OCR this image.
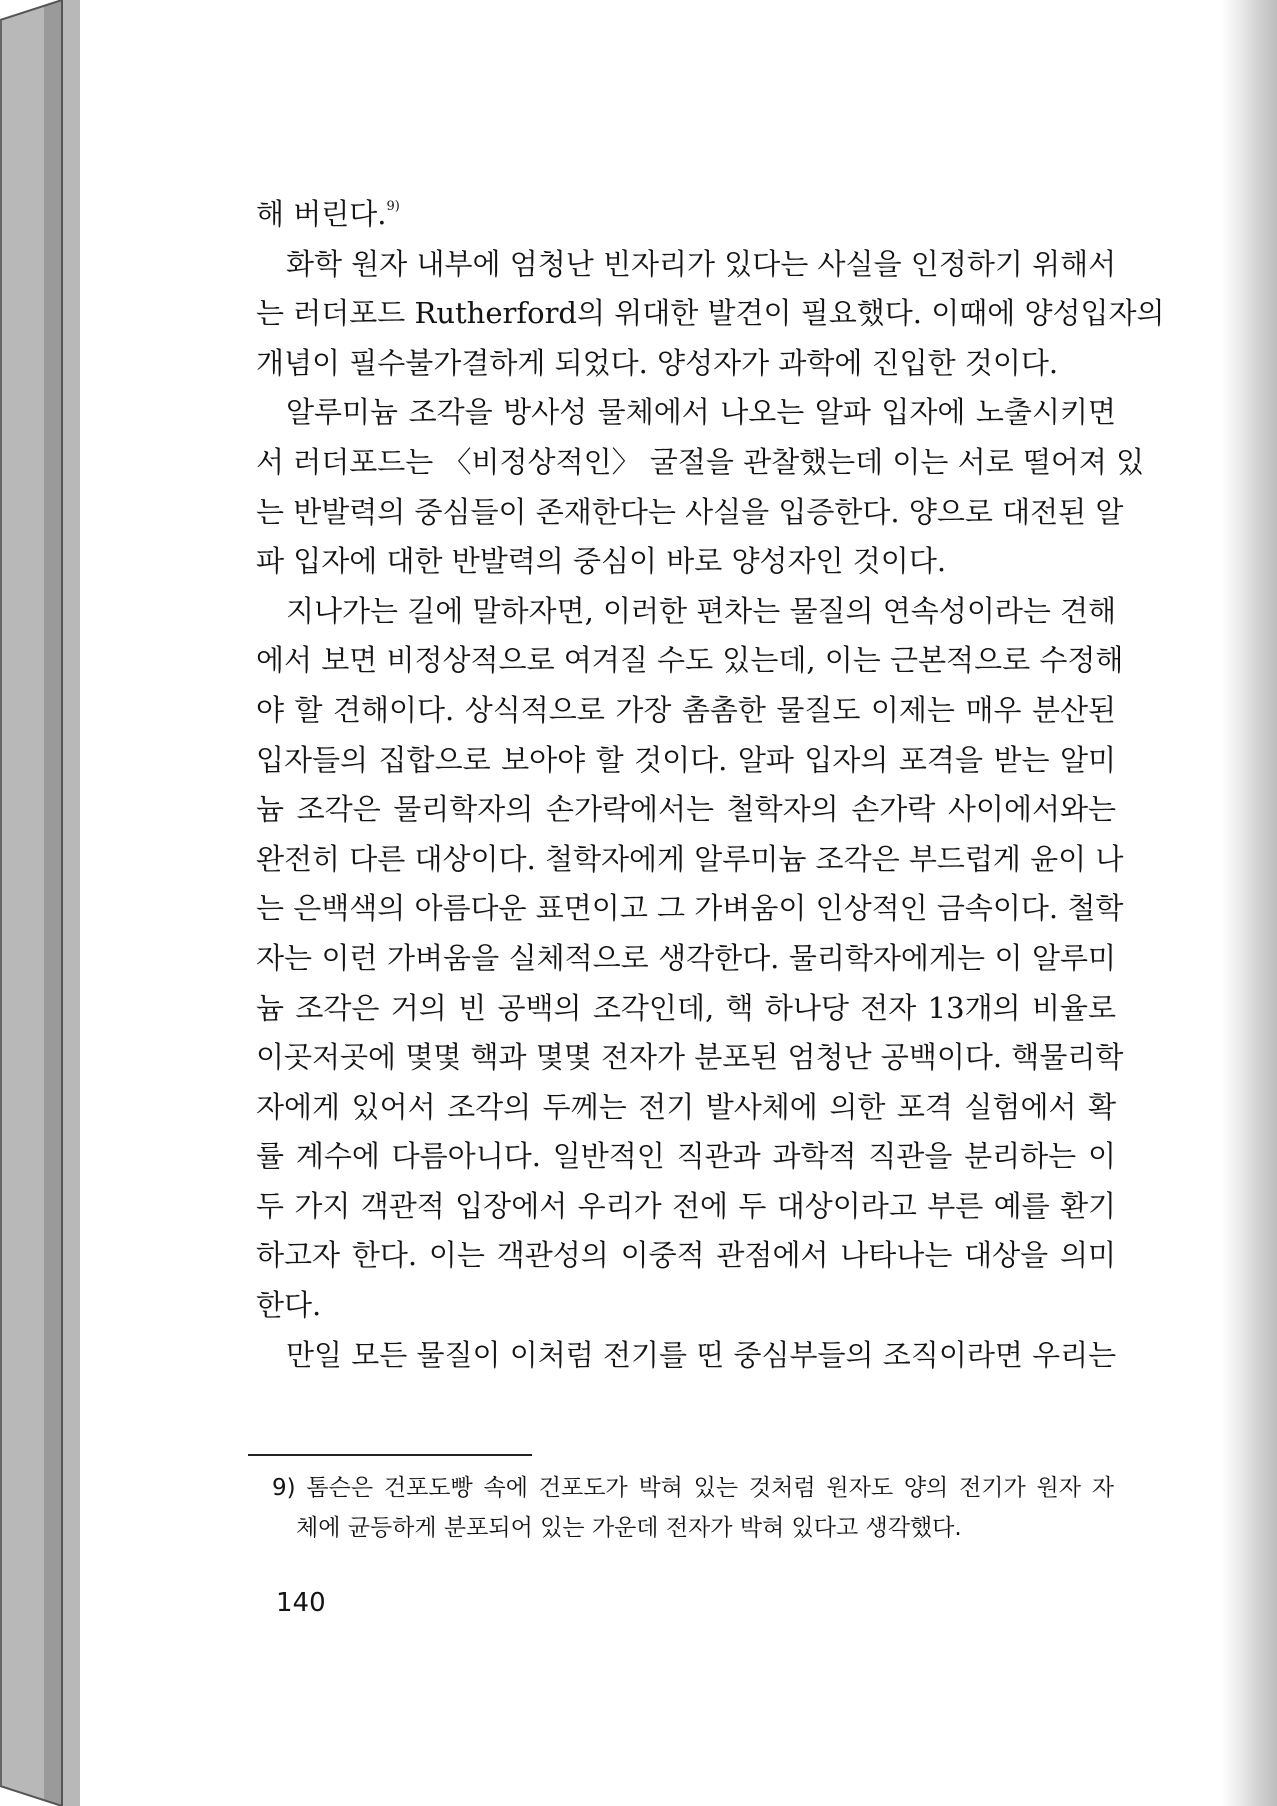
해 버린다.$^{9)}$
화학 원자 내부에 엄청난 빈자리가 있다는 사실을 인정하기 위해서
는 러더포드 Rutherford의 위대한 발견이 필요했다. 이때에 양성입자의
개념이 필수불가결하게 되었다. 양성자가 과학에 진입한 것이다.
알루미늄 조각을 방사성 물체에서 나오는 알파 입자에 노출시키면
서 러더포드는 〈비정상적인〉 굴절을 관찰했는데 이는 서로 떨어져 있
는 반발력의 중심들이 존재한다는 사실을 입증한다. 양으로 대전된 알
파 입자에 대한 반발력의 중심이 바로 양성자인 것이다.
지나가는 길에 말하자면, 이러한 편차는 물질의 연속성이라는 견해
에서 보면 비정상적으로 여겨질 수도 있는데, 이는 근본적으로 수정해
야 할 견해이다. 상식적으로 가장 촘촘한 물질도 이제는 매우 분산된
입자들의 집합으로 보아야 할 것이다. 알파 입자의 포격을 받는 알미
늄 조각은 물리학자의 손가락에서는 철학자의 손가락 사이에서와는
완전히 다른 대상이다. 철학자에게 알루미늄 조각은 부드럽게 윤이 나
는 은백색의 아름다운 표면이고 그 가벼움이 인상적인 금속이다. 철학
자는 이런 가벼움을 실체적으로 생각한다. 물리학자에게는 이 알루미
늄 조각은 거의 빈 공백의 조각인데, 핵 하나당 전자 13개의 비율로
이곳저곳에 몇몇 핵과 몇몇 전자가 분포된 엄청난 공백이다. 핵물리학
자에게 있어서 조각의 두께는 전기 발사체에 의한 포격 실험에서 확
률 계수에 다름아니다. 일반적인 직관과 과학적 직관을 분리하는 이
두 가지 객관적 입장에서 우리가 전에 두 대상이라고 부른 예를 환기
하고자 한다. 이는 객관성의 이중적 관점에서 나타나는 대상을 의미
한다.
만일 모든 물질이 이처럼 전기를 띤 중심부들의 조직이라면 우리는
9) 톰슨은 건포도빵 속에 건포도가 박혀 있는 것처럼 원자도 양의 전기가 원자 자
체에 균등하게 분포되어 있는 가운데 전자가 박혀 있다고 생각했다.
140
